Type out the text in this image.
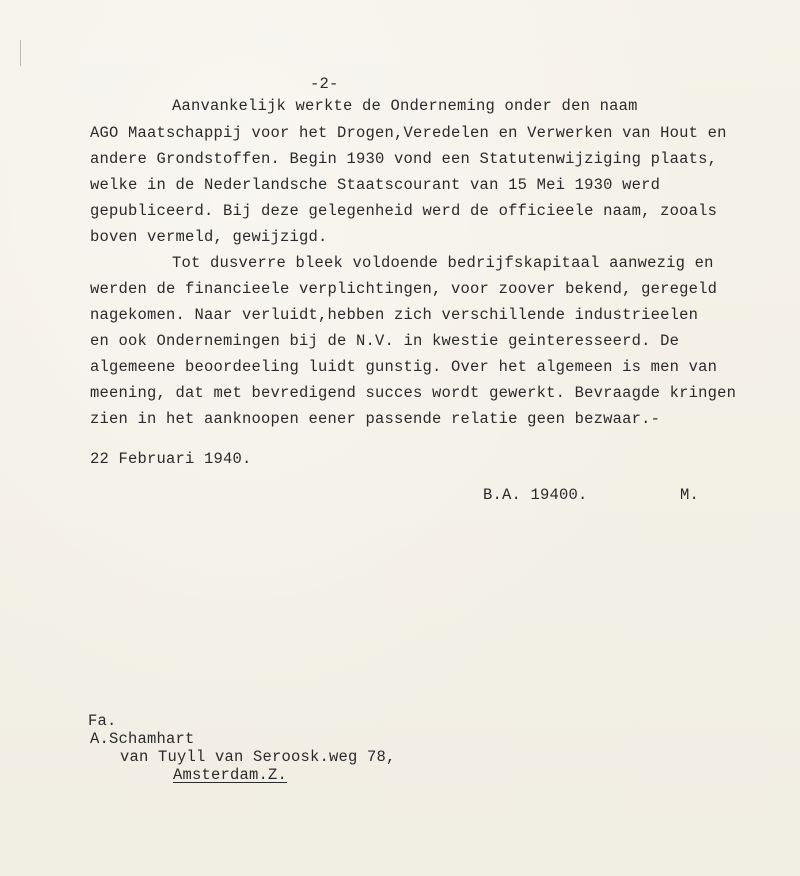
-2-
Aanvankelijk werkte de Onderneming onder den naam
AGO Maatschappij voor het Drogen,Veredelen en Verwerken van Hout en
andere Grondstoffen. Begin 1930 vond een Statutenwijziging plaats,
welke in de Nederlandsche Staatscourant van 15 Mei 1930 werd
gepubliceerd. Bij deze gelegenheid werd de officieele naam, zooals
boven vermeld, gewijzigd.
Tot dusverre bleek voldoende bedrijfskapitaal aanwezig en
werden de financieele verplichtingen, voor zoover bekend, geregeld
nagekomen. Naar verluidt,hebben zich verschillende industrieelen
en ook Ondernemingen bij de N.V. in kwestie geinteresseerd. De
algemeene beoordeeling luidt gunstig. Over het algemeen is men van
meening, dat met bevredigend succes wordt gewerkt. Bevraagde kringen
zien in het aanknoopen eener passende relatie geen bezwaar.-
22 Februari 1940.
B.A. 19400.	M.
Fa.
A.Schamhart
van Tuyll van Seroosk.weg 78,
Amsterdam.Z.
